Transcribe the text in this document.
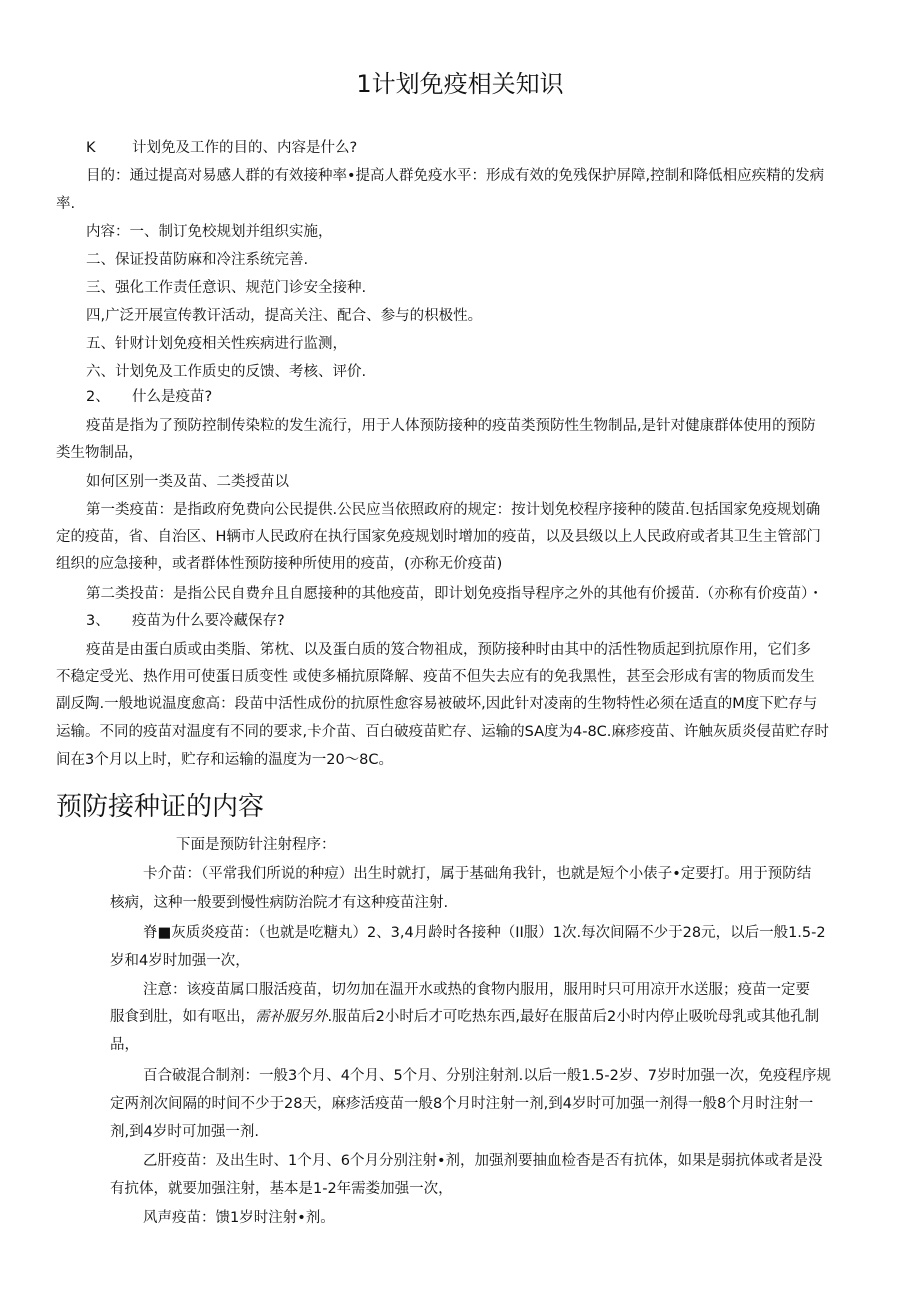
1计划免疫相关知识
K	计划免及工作的目的、内容是什么?
目的：通过提高对易感人群的有效接种率•提高人群免疫水平：形成有效的免残保护屏障,控制和降低相应疾精的发病
率.
内容：一、制订免校规划并组织实施，
二、保证投苗防麻和冷注系统完善.
三、强化工作责任意识、规范门诊安全接种.
四,广泛开展宣传教讦活动，提高关注、配合、参与的枳极性。
五、针财计划免疫相关性疾病进行监测，
六、计划免及工作质史的反馈、考核、评价.
2、 什么是疫苗?
疫苗是指为了预防控制传染粒的发生流行，用于人体预防接种的疫苗类预防性生物制品,是针对健康群体使用的预防
类生物制品，
如何区别一类及苗、二类授苗以
第一类疫苗：是指政府免费向公民提供.公民应当依照政府的规定：按计划免校程序接种的陵苗.包括国家免疫规划确
定的疫苗，省、自治区、H辆市人民政府在执行国家免疫规划时增加的疫苗，以及县级以上人民政府或者其卫生主管部门
组织的应急接种，或者群体性预防接种所使用的疫苗，(亦称无价疫苗)
第二类投苗：是指公民自费弁且自愿接种的其他疫苗，即计划免疫指导程序之外的其他有价援苗.（亦称有价疫苗）・
3、 疫苗为什么要冷藏保存?
疫苗是由蛋白质或由类脂、笫枕、以及蛋白质的笈合物祖成，预防接种时由其中的活性物质起到抗原作用，它们多
不稳定受光、热作用可使蛋日质变性 或使多桶抗原降解、疫苗不但失去应有的免我黑性，甚至会形成有害的物质而发生
副反陶.一般地说温度愈高：段苗中活性成份的抗原性愈容易被破坏,因此针对凌南的生物特性必须在适直的M度下贮存与
运输。不同的疫苗对温度有不同的要求,卡介苗、百白破疫苗贮存、运输的SA度为4-8C.麻疹疫苗、许触灰质炎侵苗贮存时
间在3个月以上时，贮存和运输的温度为一20～8C。
预防接种证的内容
下面是预防针注射程序：
卡介苗：（平常我们所说的种痘）出生时就打，属于基础角我针，也就是短个小俵子•定要打。用于预防结
核病，这种一般要到慢性病防治院才有这种疫苗注射.
脊■灰质炎疫苗：（也就是吃糖丸）2、3,4月龄时各接种（II服）1次.每次间隔不少于28元，以后一般1.5-2
岁和4岁时加强一次，
注意：该疫苗属口服活疫苗，切勿加在温开水或热的食物内服用，服用时只可用凉开水送服；疫苗一定要
服食到肚，如有呕出，需补服另外.服苗后2小时后才可吃热东西,最好在服苗后2小时内停止吸吮母乳或其他孔制
品，
百合破混合制剂：一般3个月、4个月、5个月、分别注射剂.以后一般1.5-2岁、7岁时加强一次，免疫程序规
定两剂次间隔的时间不少于28天，麻疹活疫苗一般8个月时注射一剂,到4岁时可加强一剂得一般8个月时注射一
剂,到4岁时可加强一剂.
乙肝疫苗：及出生时、1个月、6个月分别注射•剂，加强剂要抽血检杳是否有抗体，如果是弱抗体或者是没
有抗体，就要加强注射，基本是1-2年需娄加强一次，
风声疫苗：馈1岁时注射•剂。
